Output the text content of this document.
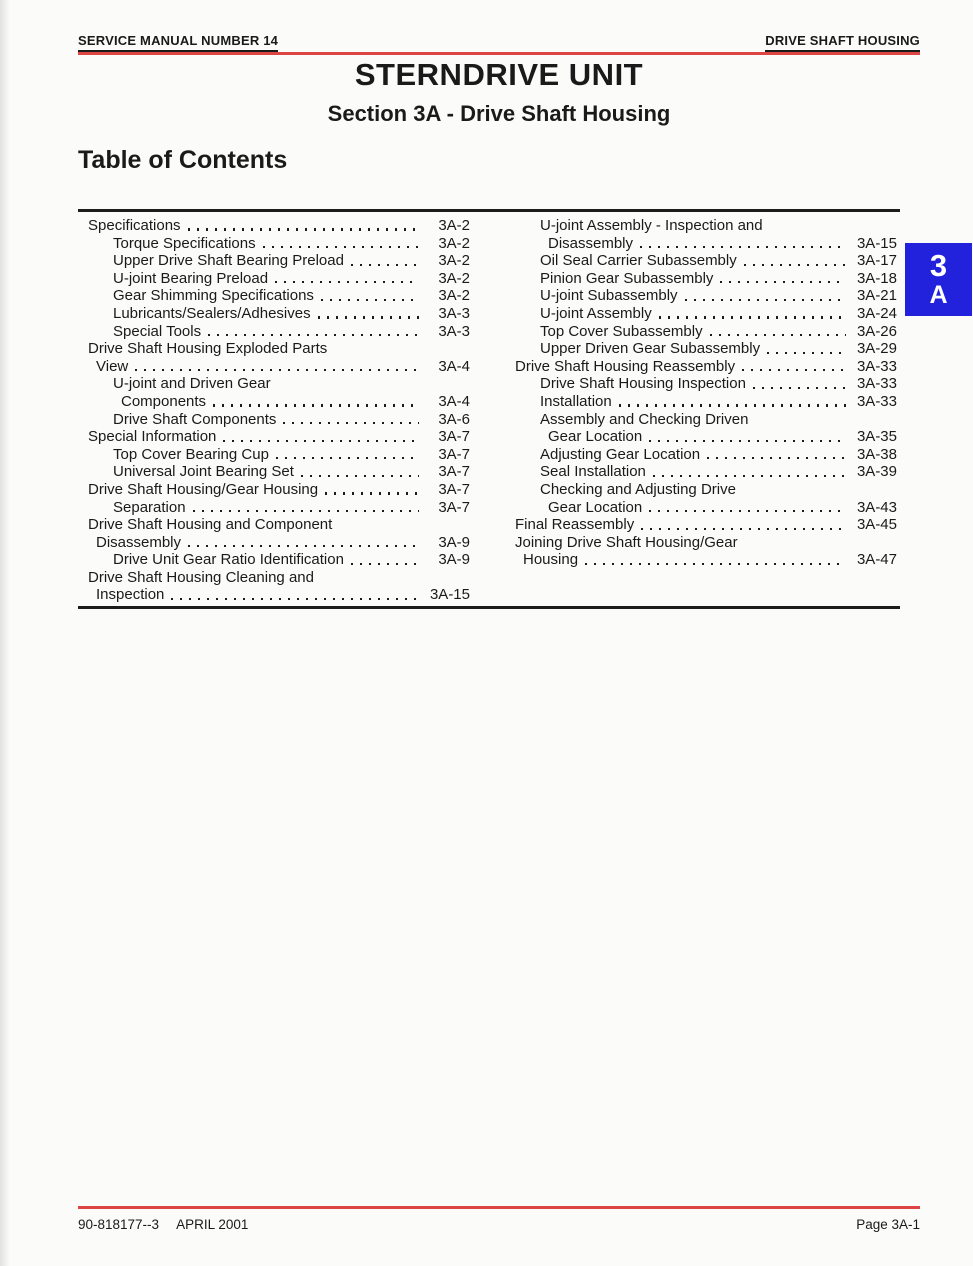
SERVICE MANUAL NUMBER 14	DRIVE SHAFT HOUSING
STERNDRIVE UNIT
Section 3A - Drive Shaft Housing
Table of Contents
Specifications	3A-2
Torque Specifications	3A-2
Upper Drive Shaft Bearing Preload	3A-2
U-joint Bearing Preload	3A-2
Gear Shimming Specifications	3A-2
Lubricants/Sealers/Adhesives	3A-3
Special Tools	3A-3
Drive Shaft Housing Exploded Parts
View	3A-4
U-joint and Driven Gear
Components	3A-4
Drive Shaft Components	3A-6
Special Information	3A-7
Top Cover Bearing Cup	3A-7
Universal Joint Bearing Set	3A-7
Drive Shaft Housing/Gear Housing	3A-7
Separation	3A-7
Drive Shaft Housing and Component
Disassembly	3A-9
Drive Unit Gear Ratio Identification	3A-9
Drive Shaft Housing Cleaning and
Inspection	3A-15
U-joint Assembly - Inspection and
Disassembly	3A-15
Oil Seal Carrier Subassembly	3A-17
Pinion Gear Subassembly	3A-18
U-joint Subassembly	3A-21
U-joint Assembly	3A-24
Top Cover Subassembly	3A-26
Upper Driven Gear Subassembly	3A-29
Drive Shaft Housing Reassembly	3A-33
Drive Shaft Housing Inspection	3A-33
Installation	3A-33
Assembly and Checking Driven
Gear Location	3A-35
Adjusting Gear Location	3A-38
Seal Installation	3A-39
Checking and Adjusting Drive
Gear Location	3A-43
Final Reassembly	3A-45
Joining Drive Shaft Housing/Gear
Housing	3A-47
3
A
90-818177--3 APRIL 2001	Page 3A-1
